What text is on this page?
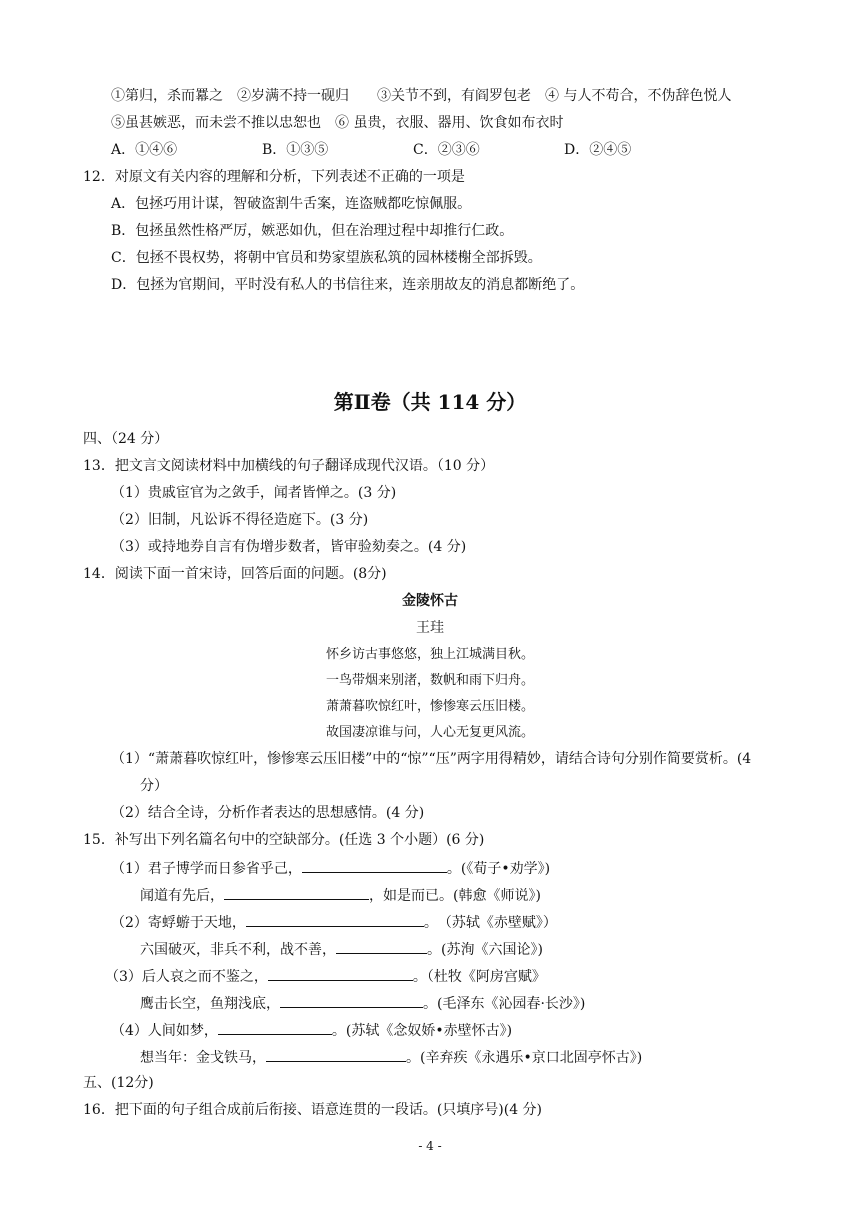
①第归，杀而羃之　②岁满不持一砚归　　③关节不到，有阎罗包老　④ 与人不苟合，不伪辞色悦人
⑤虽甚嫉恶，而未尝不推以忠恕也　⑥ 虽贵，衣服、器用、饮食如布衣时
A．①④⑥	B．①③⑤	C．②③⑥	D．②④⑤
12．对原文有关内容的理解和分析，下列表述不正确的一项是
A．包拯巧用计谋，智破盗割牛舌案，连盗贼都吃惊佩服。
B．包拯虽然性格严厉，嫉恶如仇，但在治理过程中却推行仁政。
C．包拯不畏权势，将朝中官员和势家望族私筑的园林楼榭全部拆毁。
D．包拯为官期间，平时没有私人的书信往来，连亲朋故友的消息都断绝了。
第Ⅱ卷（共 114 分）
四、（24 分）
13．把文言文阅读材料中加横线的句子翻译成现代汉语。（10 分）
（1）贵戚宦官为之敛手，闻者皆惮之。(3 分)
（2）旧制，凡讼诉不得径造庭下。(3 分)
（3）或持地券自言有伪增步数者，皆审验劾奏之。(4 分)
14．阅读下面一首宋诗，回答后面的问题。(8分)
金陵怀古
王珪
怀乡访古事悠悠，独上江城满目秋。
一鸟带烟来别渚，数帆和雨下归舟。
萧萧暮吹惊红叶，惨惨寒云压旧楼。
故国凄凉谁与问，人心无复更风流。
（1）“萧萧暮吹惊红叶，惨惨寒云压旧楼”中的“惊”“压”两字用得精妙，请结合诗句分别作简要赏析。(4
分）
（2）结合全诗，分析作者表达的思想感情。(4 分)
15．补写出下列名篇名句中的空缺部分。(任选 3 个小题）(6 分)
（1）君子博学而日参省乎己，	。(《荀子•劝学》)
闻道有先后，	，如是而已。(韩愈《师说》)
（2）寄蜉蝣于天地，	。　（苏轼《赤壁赋》）
六国破灭，非兵不利，战不善，	。(苏洵《六国论》)
（3）后人哀之而不鉴之，	。（杜牧《阿房宫赋》
鹰击长空，鱼翔浅底，	。(毛泽东《沁园春·长沙》)
（4）人间如梦，	。(苏轼《念奴娇•赤壁怀古》)
想当年：金戈铁马，	。(辛弃疾《永遇乐•京口北固亭怀古》)
五、(12分)
16．把下面的句子组合成前后衔接、语意连贯的一段话。(只填序号)(4 分)
- 4 -
